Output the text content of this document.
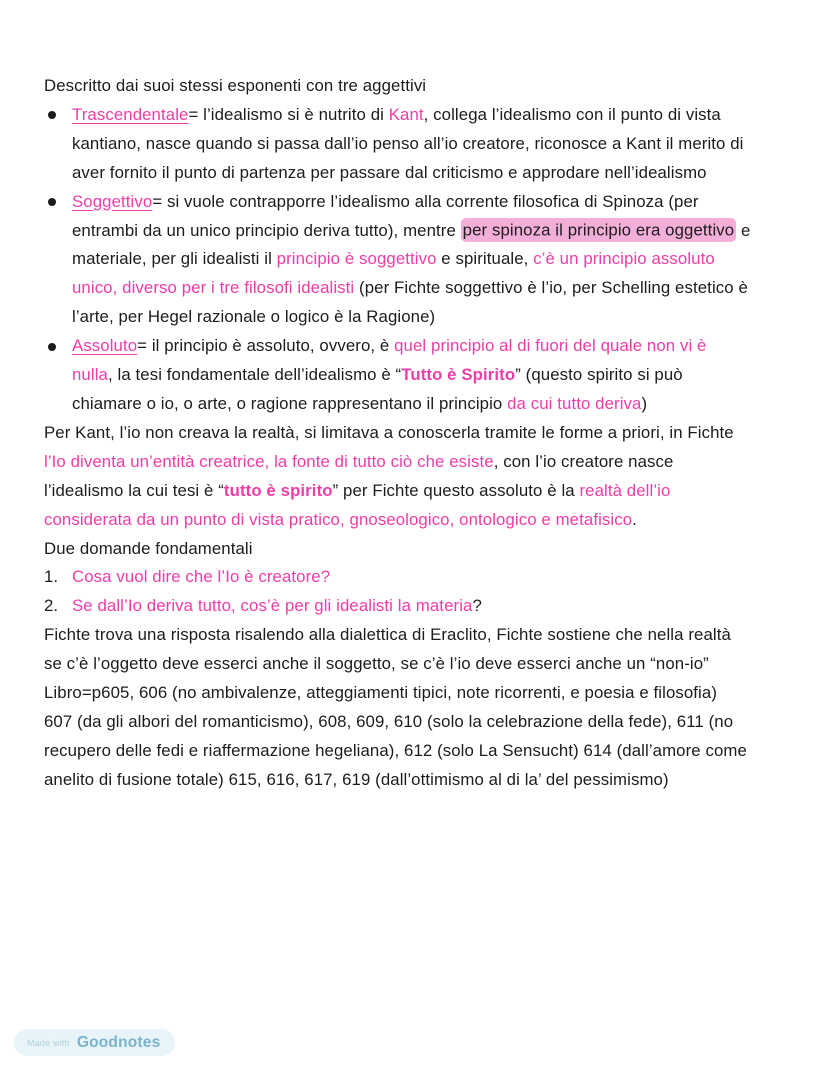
Descritto dai suoi stessi esponenti con tre aggettivi
Trascendentale= l’idealismo si è nutrito di Kant, collega l’idealismo con il punto di vista
kantiano, nasce quando si passa dall’io penso all’io creatore, riconosce a Kant il merito di
aver fornito il punto di partenza per passare dal criticismo e approdare nell’idealismo
Soggettivo= si vuole contrapporre l’idealismo alla corrente filosofica di Spinoza (per
entrambi da un unico principio deriva tutto), mentre per spinoza il principio era oggettivo e
materiale, per gli idealisti il principio è soggettivo e spirituale, c’è un principio assoluto
unico, diverso per i tre filosofi idealisti (per Fichte soggettivo è l’io, per Schelling estetico è
l’arte, per Hegel razionale o logico è la Ragione)
Assoluto= il principio è assoluto, ovvero, è quel principio al di fuori del quale non vi è
nulla, la tesi fondamentale dell’idealismo è “Tutto è Spirito” (questo spirito si può
chiamare o io, o arte, o ragione rappresentano il principio da cui tutto deriva)
Per Kant, l’io non creava la realtà, si limitava a conoscerla tramite le forme a priori, in Fichte
l’Io diventa un’entità creatrice, la fonte di tutto ciò che esiste, con l’io creatore nasce
l’idealismo la cui tesi è “tutto è spirito” per Fichte questo assoluto è la realtà dell’io
considerata da un punto di vista pratico, gnoseologico, ontologico e metafisico.
Due domande fondamentali
1. Cosa vuol dire che l’Io è creatore?
2. Se dall’Io deriva tutto, cos’è per gli idealisti la materia?
Fichte trova una risposta risalendo alla dialettica di Eraclito, Fichte sostiene che nella realtà
se c’è l’oggetto deve esserci anche il soggetto, se c’è l’io deve esserci anche un “non-io”
Libro=p605, 606 (no ambivalenze, atteggiamenti tipici, note ricorrenti, e poesia e filosofia)
607 (da gli albori del romanticismo), 608, 609, 610 (solo la celebrazione della fede), 611 (no
recupero delle fedi e riaffermazione hegeliana), 612 (solo La Sensucht) 614 (dall’amore come
anelito di fusione totale) 615, 616, 617, 619 (dall’ottimismo al di la’ del pessimismo)
Made with Goodnotes
